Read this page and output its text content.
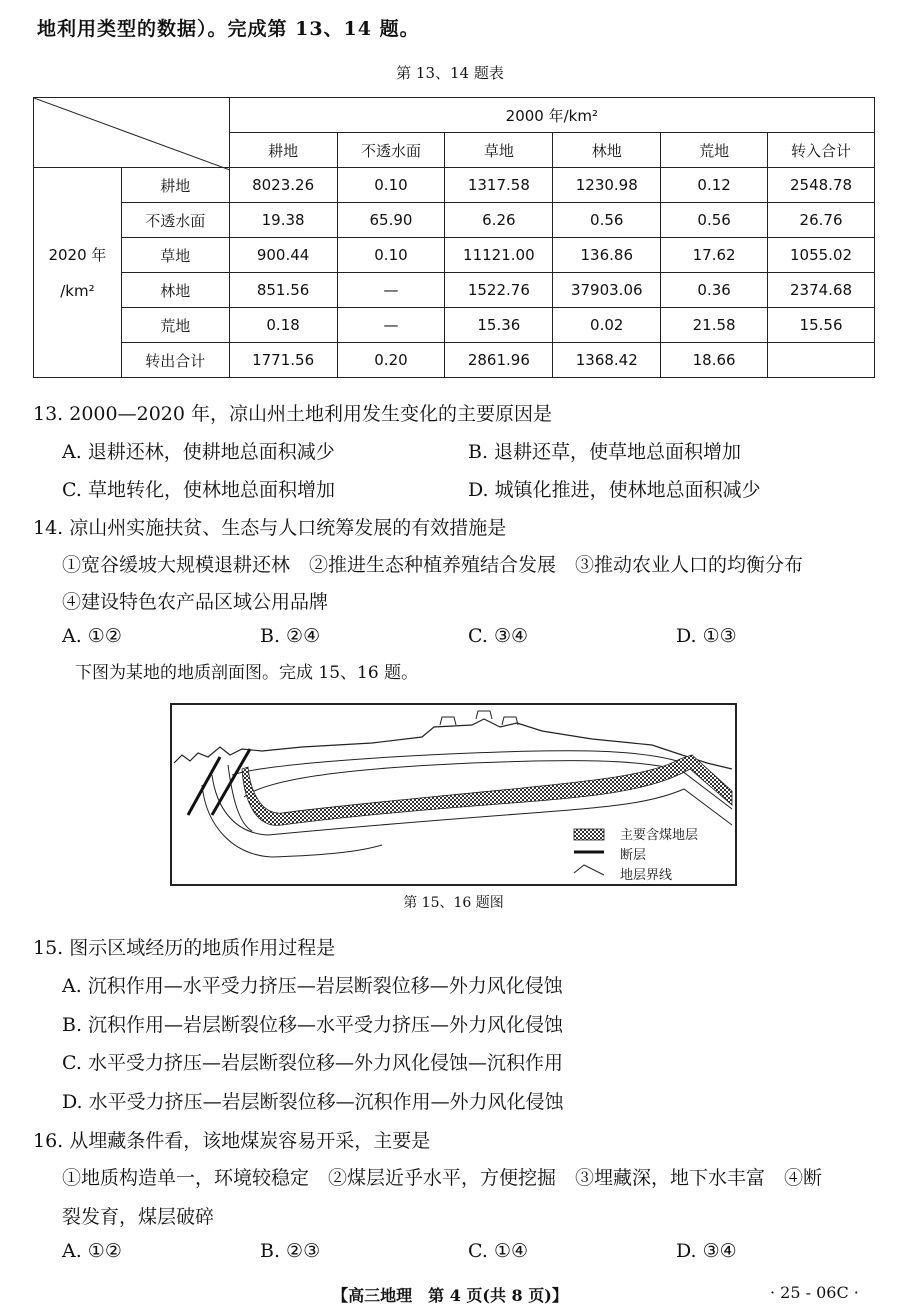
地利用类型的数据）。完成第 13、14 题。
第 13、14 题表
	2000 年/km²					
		耕地	不透水面	草地	林地	荒地	转入合计

2020 年
/km²	耕地	8023.26	0.10	1317.58	1230.98	0.12	2548.78
	不透水面	19.38	65.90	6.26	0.56	0.56	26.76
	草地	900.44	0.10	11121.00	136.86	17.62	1055.02
	林地	851.56	—	1522.76	37903.06	0.36	2374.68
	荒地	0.18	—	15.36	0.02	21.58	15.56
	转出合计	1771.56	0.20	2861.96	1368.42	18.66	
13. 2000—2020 年，凉山州土地利用发生变化的主要原因是
A. 退耕还林，使耕地总面积减少	B. 退耕还草，使草地总面积增加
C. 草地转化，使林地总面积增加	D. 城镇化推进，使林地总面积减少
14. 凉山州实施扶贫、生态与人口统筹发展的有效措施是
①宽谷缓坡大规模退耕还林　②推进生态种植养殖结合发展　③推动农业人口的均衡分布
④建设特色农产品区域公用品牌
A. ①②	B. ②④	C. ③④	D. ①③
下图为某地的地质剖面图。完成 15、16 题。
主要含煤地层
断层
地层界线
第 15、16 题图
15. 图示区域经历的地质作用过程是
A. 沉积作用—水平受力挤压—岩层断裂位移—外力风化侵蚀
B. 沉积作用—岩层断裂位移—水平受力挤压—外力风化侵蚀
C. 水平受力挤压—岩层断裂位移—外力风化侵蚀—沉积作用
D. 水平受力挤压—岩层断裂位移—沉积作用—外力风化侵蚀
16. 从埋藏条件看，该地煤炭容易开采，主要是
①地质构造单一，环境较稳定　②煤层近乎水平，方便挖掘　③埋藏深，地下水丰富　④断
裂发育，煤层破碎
A. ①②	B. ②③	C. ①④	D. ③④
【高三地理　第 4 页(共 8 页)】	· 25 - 06C ·
